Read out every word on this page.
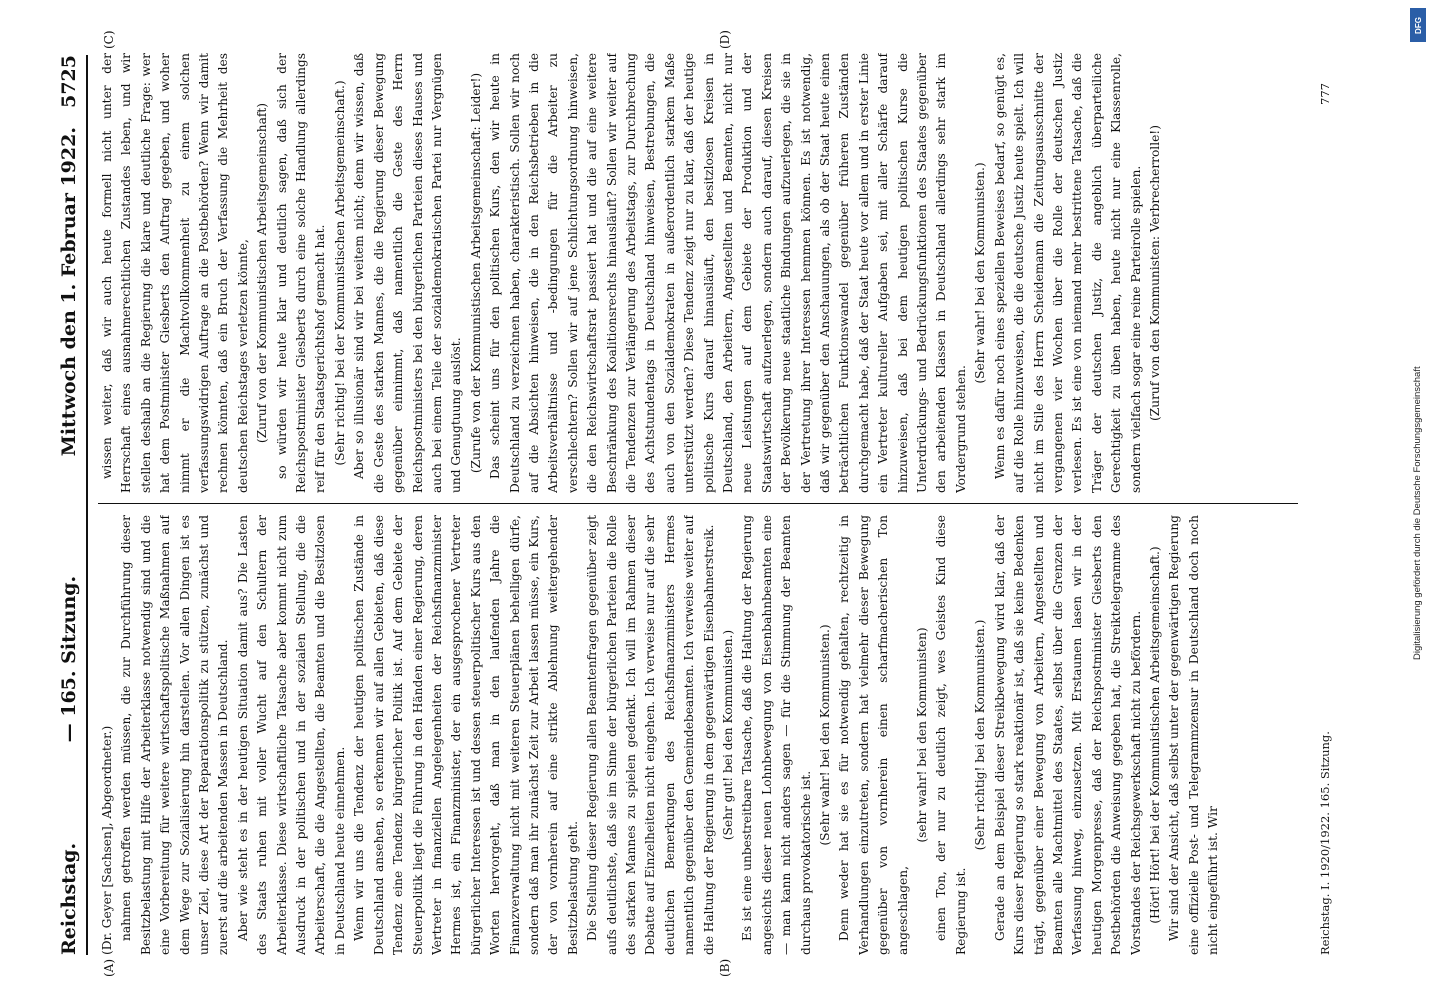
Reichstag.
— 165. Sitzung.
Mittwoch den 1. Februar 1922.
5725

(Dr. Geyer [Sachsen], Abgeordneter.) nahmen getroffen werden müssen, die zur Durchführung dieser Besitzbelastung mit Hilfe der Arbeiterklasse notwendig sind und die eine Vorbereitung für weitere wirtschaftspolitische Maßnahmen auf dem Wege zur Sozialisierung hin darstellen. Vor allen Dingen ist es unser Ziel, diese Art der Reparationspolitik zu stützen, zunächst und zuerst auf die arbeitenden Massen in Deutschland. Aber wie steht es in der heutigen Situation damit aus? Die Lasten des Staats ruhen mit voller Wucht auf den Schultern der Arbeiterklasse. Diese wirtschaftliche Tatsache aber kommt nicht zum Ausdruck in der politischen und in der sozialen Stellung, die die Arbeiterschaft, die die Angestellten, die Beamten und die Besitzlosen in Deutschland heute einnehmen. Wenn wir uns die Tendenz der heutigen politischen Zustände in Deutschland ansehen, so erkennen wir auf allen Gebieten, daß diese Tendenz eine Tendenz bürgerlicher Politik ist. Auf dem Gebiete der Steuerpolitik liegt die Führung in den Händen einer Regierung, deren Vertreter in finanziellen Angelegenheiten der Reichsfinanzminister Hermes ist, ein Finanzminister, der ein ausgesprochener Vertreter bürgerlicher Interessen ist und dessen steuerpolitischer Kurs aus den Worten hervorgeht, daß man in den laufenden Jahre die Finanzverwaltung nicht mit weiteren Steuerplänen behelligen dürfe, sondern daß man ihr zunächst Zeit zur Arbeit lassen müsse, ein Kurs, der von vornherein auf eine strikte Ablehnung weitergehender Besitzbelastung geht. Die Stellung dieser Regierung allen Beamtenfragen gegenüber zeigt aufs deutlichste, daß sie im Sinne der bürgerlichen Parteien die Rolle des starken Mannes zu spielen gedenkt. Ich will im Rahmen dieser Debatte auf Einzelheiten nicht eingehen. Ich verweise nur auf die sehr deutlichen Bemerkungen des Reichsfinanzministers Hermes namentlich gegenüber den Gemeindebeamten. Ich verweise weiter auf die Haltung der Regierung in dem gegenwärtigen Eisenbahnerstreik. (Sehr gut! bei den Kommunisten.) Es ist eine unbestreitbare Tatsache, daß die Haltung der Regierung angesichts dieser neuen Lohnbewegung von Eisenbahnbeamten eine — man kann nicht anders sagen — für die Stimmung der Beamten durchaus provokatorische ist.

(Sehr wahr! bei den Kommunisten.) Denn weder hat sie es für notwendig gehalten, rechtzeitig in Verhandlungen einzutreten, sondern hat vielmehr dieser Bewegung gegenüber von vornherein einen scharfmacherischen Ton angeschlagen,

(sehr wahr! bei den Kommunisten) einen Ton, der nur zu deutlich zeigt, wes Geistes Kind diese Regierung ist.

(Sehr richtig! bei den Kommunisten.) Gerade an dem Beispiel dieser Streikbewegung wird klar, daß der Kurs dieser Regierung so stark reaktionär ist, daß sie keine Bedenken trägt, gegenüber einer Bewegung von Arbeitern, Angestellten und Beamten alle Machtmittel des Staates, selbst über die Grenzen der Verfassung hinweg, einzusetzen. Mit Erstaunen lasen wir in der heutigen Morgenpresse, daß der Reichspostminister Giesberts den Postbehörden die Anweisung gegeben hat, die Streiktelegramme des Vorstandes der Reichsgewerkschaft nicht zu befördern. (Hört! Hört! bei der Kommunistischen Arbeitsgemeinschaft.) Wir sind der Ansicht, daß selbst unter der gegenwärtigen Regierung eine offizielle Post- und Telegrammzensur in Deutschland doch noch nicht eingeführt ist. Wir

wissen weiter, daß wir auch heute formell nicht unter der Herrschaft eines ausnahmerechtlichen Zustandes leben, und wir stellen deshalb an die Regierung die klare und deutliche Frage: wer hat dem Postminister Giesberts den Auftrag gegeben, und woher nimmt er die Machtvollkommenheit zu einem solchen verfassungswidrigen Auftrage an die Postbehörden? Wenn wir damit rechnen könnten, daß ein Bruch der Verfassung die Mehrheit des deutschen Reichstages verletzen könnte, (Zuruf von der Kommunistischen Arbeitsgemeinschaft) so würden wir heute klar und deutlich sagen, daß sich der Reichspostminister Giesberts durch eine solche Handlung allerdings reif für den Staatsgerichtshof gemacht hat. (Sehr richtig! bei der Kommunistischen Arbeitsgemeinschaft.) Aber so illusionär sind wir bei weitem nicht; denn wir wissen, daß die Geste des starken Mannes, die die Regierung dieser Bewegung gegenüber einnimmt, daß namentlich die Geste des Herrn Reichspostministers bei den bürgerlichen Parteien dieses Hauses und auch bei einem Teile der sozialdemokratischen Partei nur Vergnügen und Genugtuung auslöst. (Zurufe von der Kommunistischen Arbeitsgemeinschaft: Leider!) Das scheint uns für den politischen Kurs, den wir heute in Deutschland zu verzeichnen haben, charakteristisch. Sollen wir noch auf die Absichten hinweisen, die in den Reichsbetrieben in die Arbeitsverhältnisse und -bedingungen für die Arbeiter zu verschlechtern? Sollen wir auf jene Schlichtungsordnung hinweisen, die den Reichswirtschaftsrat passiert hat und die auf eine weitere Beschränkung des Koalitionsrechts hinausläuft? Sollen wir weiter auf die Tendenzen zur Verlängerung des Arbeitstags, zur Durchbrechung des Achtstundentags in Deutschland hinweisen, Bestrebungen, die auch von den Sozialdemokraten in außerordentlich starkem Maße unterstützt werden? Diese Tendenz zeigt nur zu klar, daß der heutige politische Kurs darauf hinausläuft, den besitzlosen Kreisen in Deutschland, den Arbeitern, Angestellten und Beamten, nicht nur neue Leistungen auf dem Gebiete der Produktion und der Staatswirtschaft aufzuerlegen, sondern auch darauf, diesen Kreisen der Bevölkerung neue staatliche Bindungen aufzuerlegen, die sie in der Vertretung ihrer Interessen hemmen können. Es ist notwendig, daß wir gegenüber den Anschauungen, als ob der Staat heute einen beträchtlichen Funktionswandel gegenüber früheren Zuständen durchgemacht habe, daß der Staat heute vor allem und in erster Linie ein Vertreter kultureller Aufgaben sei, mit aller Schärfe darauf hinzuweisen, daß bei dem heutigen politischen Kurse die Unterdrückungs- und Bedrückungsfunktionen des Staates gegenüber den arbeitenden Klassen in Deutschland allerdings sehr stark im Vordergrund stehen.

(Sehr wahr! bei den Kommunisten.) Wenn es dafür noch eines speziellen Beweises bedarf, so genügt es, auf die Rolle hinzuweisen, die die deutsche Justiz heute spielt. Ich will nicht im Stile des Herrn Scheidemann die Zeitungsausschnitte der vergangenen vier Wochen über die Rolle der deutschen Justiz verlesen. Es ist eine von niemand mehr bestrittene Tatsache, daß die Träger der deutschen Justiz, die angeblich überparteiliche Gerechtigkeit zu üben haben, heute nicht nur eine Klassenrolle, sondern vielfach sogar eine reine Parteirolle spielen. (Zuruf von den Kommunisten: Verbrecherrolle!)

(A)	(B)
(C)	(D)
Reichstag. I. 1920/1922. 165. Sitzung.
777
DFG
Digitalisierung gefördert durch die Deutsche Forschungsgemeinschaft
